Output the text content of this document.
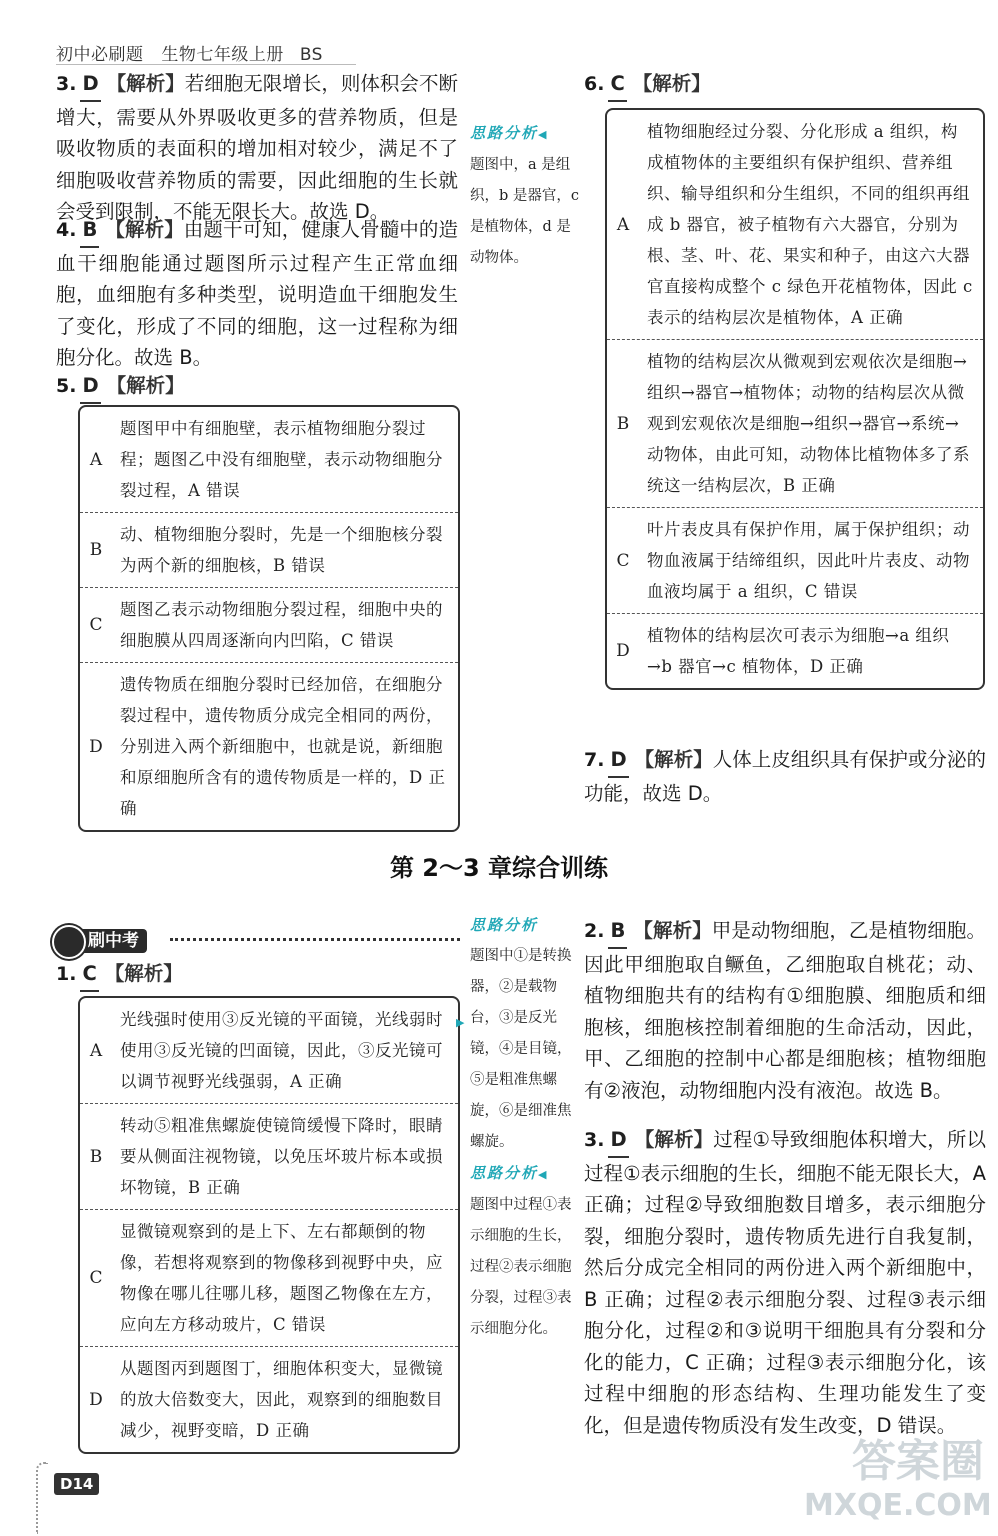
初中必刷题 生物七年级上册 BS
3. D 【解析】若细胞无限增长，则体积会不断增大，需要从外界吸收更多的营养物质，但是吸收物质的表面积的增加相对较少，满足不了细胞吸收营养物质的需要，因此细胞的生长就会受到限制，不能无限长大。故选 D。
4. B 【解析】由题干可知，健康人骨髓中的造血干细胞能通过题图所示过程产生正常血细胞，血细胞有多种类型，说明造血干细胞发生了变化，形成了不同的细胞，这一过程称为细胞分化。故选 B。
5. D 【解析】
A
题图甲中有细胞壁，表示植物细胞分裂过程；题图乙中没有细胞壁，表示动物细胞分裂过程，A 错误
B
动、植物细胞分裂时，先是一个细胞核分裂为两个新的细胞核，B 错误
C
题图乙表示动物细胞分裂过程，细胞中央的细胞膜从四周逐渐向内凹陷，C 错误
D
遗传物质在细胞分裂时已经加倍，在细胞分裂过程中，遗传物质分成完全相同的两份，分别进入两个新细胞中，也就是说，新细胞和原细胞所含有的遗传物质是一样的，D 正确
6. C 【解析】
思路分析◀
题图中，a 是组织，b 是器官，c 是植物体，d 是动物体。
A
植物细胞经过分裂、分化形成 a 组织，构成植物体的主要组织有保护组织、营养组织、输导组织和分生组织，不同的组织再组成 b 器官，被子植物有六大器官，分别为根、茎、叶、花、果实和种子，由这六大器官直接构成整个 c 绿色开花植物体，因此 c 表示的结构层次是植物体，A 正确
B
植物的结构层次从微观到宏观依次是细胞→组织→器官→植物体；动物的结构层次从微观到宏观依次是细胞→组织→器官→系统→动物体，由此可知，动物体比植物体多了系统这一结构层次，B 正确
C
叶片表皮具有保护作用，属于保护组织；动物血液属于结缔组织，因此叶片表皮、动物血液均属于 a 组织，C 错误
D
植物体的结构层次可表示为细胞→a 组织→b 器官→c 植物体，D 正确
7. D 【解析】人体上皮组织具有保护或分泌的功能，故选 D。
第 2～3 章综合训练
刷中考
1. C 【解析】
A
光线强时使用③反光镜的平面镜，光线弱时使用③反光镜的凹面镜，因此，③反光镜可以调节视野光线强弱，A 正确
B
转动⑤粗准焦螺旋使镜筒缓慢下降时，眼睛要从侧面注视物镜，以免压坏玻片标本或损坏物镜，B 正确
C
显微镜观察到的是上下、左右都颠倒的物像，若想将观察到的物像移到视野中央，应物像在哪儿往哪儿移，题图乙物像在左方，应向左方移动玻片，C 错误
D
从题图丙到题图丁，细胞体积变大，显微镜的放大倍数变大，因此，观察到的细胞数目减少，视野变暗，D 正确
思路分析
题图中①是转换器，②是载物台，③是反光镜，④是目镜，⑤是粗准焦螺旋，⑥是细准焦螺旋。
▶
思路分析◀
题图中过程①表示细胞的生长，过程②表示细胞分裂，过程③表示细胞分化。
2. B 【解析】甲是动物细胞，乙是植物细胞。因此甲细胞取自鳜鱼，乙细胞取自桃花；动、植物细胞共有的结构有①细胞膜、细胞质和细胞核，细胞核控制着细胞的生命活动，因此，甲、乙细胞的控制中心都是细胞核；植物细胞有②液泡，动物细胞内没有液泡。故选 B。
3. D 【解析】过程①导致细胞体积增大，所以过程①表示细胞的生长，细胞不能无限长大，A 正确；过程②导致细胞数目增多，表示细胞分裂，细胞分裂时，遗传物质先进行自我复制，然后分成完全相同的两份进入两个新细胞中，B 正确；过程②表示细胞分裂、过程③表示细胞分化，过程②和③说明干细胞具有分裂和分化的能力，C 正确；过程③表示细胞分化，该过程中细胞的形态结构、生理功能发生了变化，但是遗传物质没有发生改变，D 错误。
D14	答案圈
MXQE.COM
